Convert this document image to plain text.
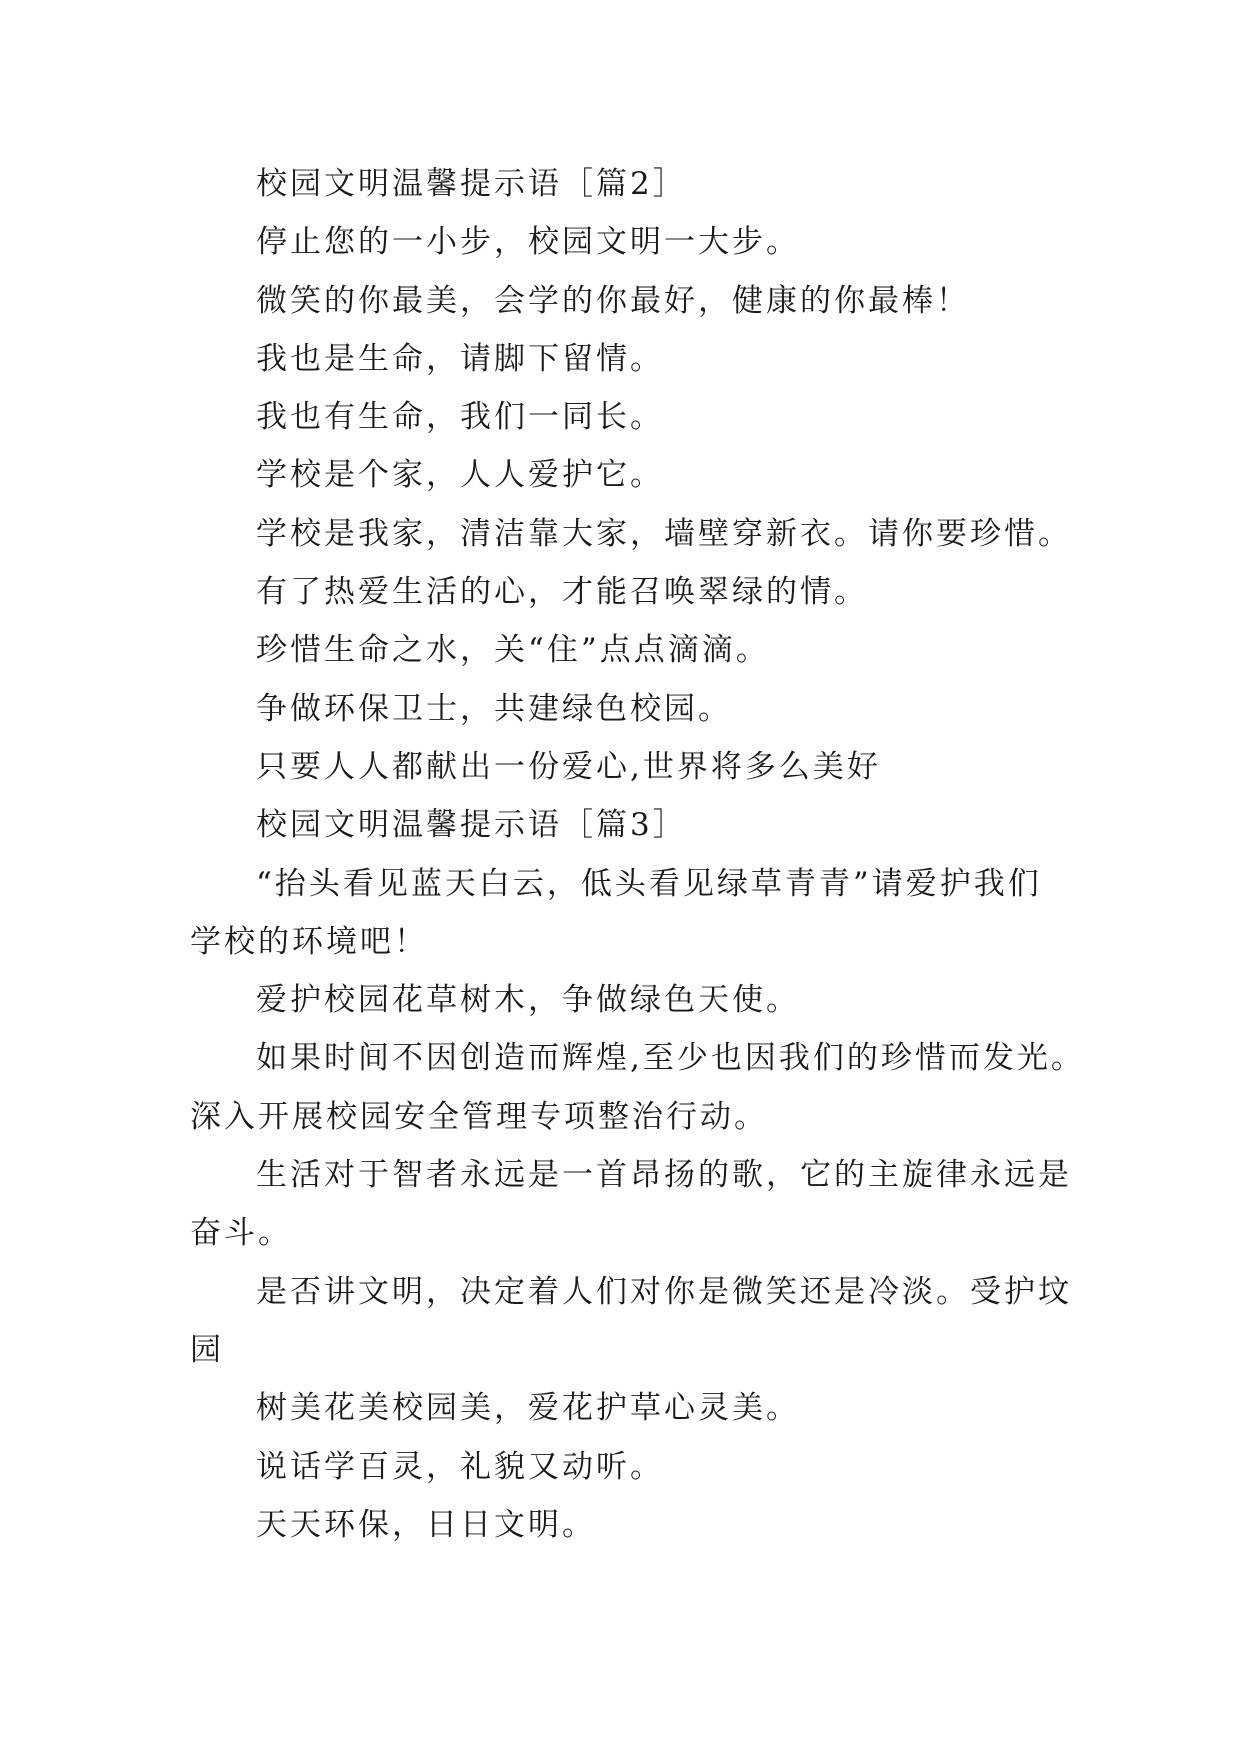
校园文明温馨提示语［篇2］
停止您的一小步，校园文明一大步。
微笑的你最美，会学的你最好，健康的你最棒！
我也是生命，请脚下留情。
我也有生命，我们一同长。
学校是个家，人人爱护它。
学校是我家，清洁靠大家，墙壁穿新衣。请你要珍惜。
有了热爱生活的心，才能召唤翠绿的情。
珍惜生命之水，关“住”点点滴滴。
争做环保卫士，共建绿色校园。
只要人人都献出一份爱心,世界将多么美好
校园文明温馨提示语［篇3］
“抬头看见蓝天白云，低头看见绿草青青”请爱护我们
学校的环境吧！
爱护校园花草树木，争做绿色天使。
如果时间不因创造而辉煌,至少也因我们的珍惜而发光。
深入开展校园安全管理专项整治行动。
生活对于智者永远是一首昂扬的歌，它的主旋律永远是
奋斗。
是否讲文明，决定着人们对你是微笑还是冷淡。受护坟
园
树美花美校园美，爱花护草心灵美。
说话学百灵，礼貌又动听。
天天环保，日日文明。
